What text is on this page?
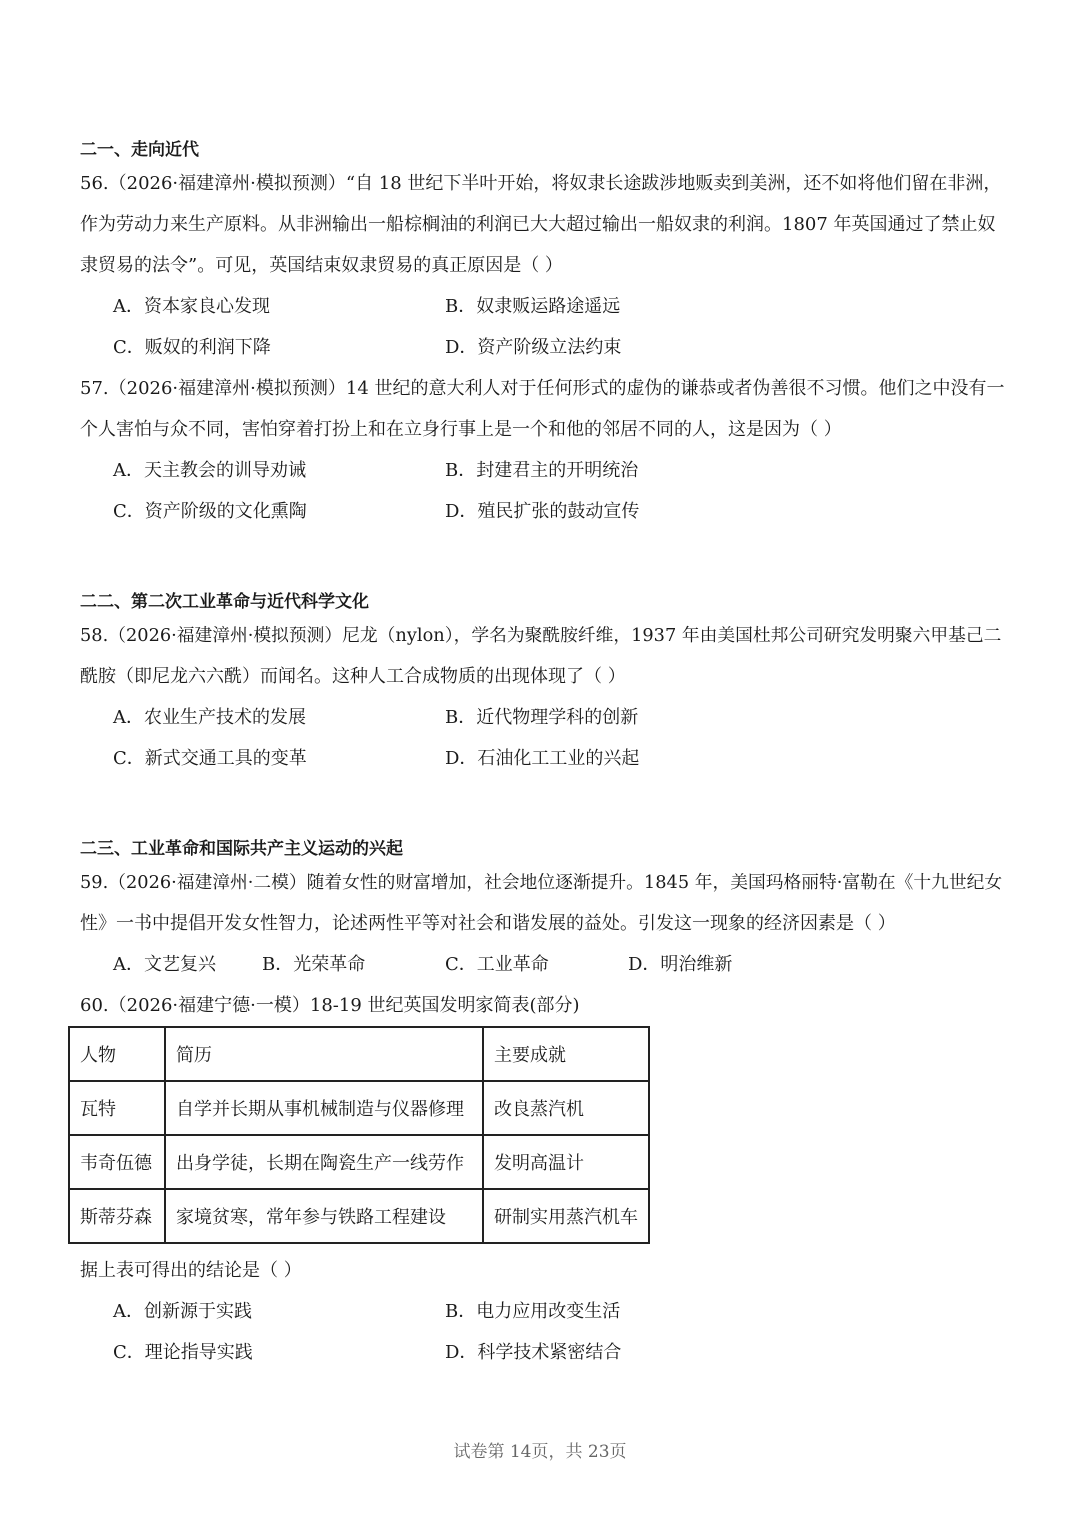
二一、走向近代
56.（2026·福建漳州·模拟预测）“自 18 世纪下半叶开始，将奴隶长途跋涉地贩卖到美洲，还不如将他们留在非洲，
作为劳动力来生产原料。从非洲输出一船棕榈油的利润已大大超过输出一船奴隶的利润。1807 年英国通过了禁止奴
隶贸易的法令”。可见，英国结束奴隶贸易的真正原因是（ ）
A．资本家良心发现	B．奴隶贩运路途遥远
C．贩奴的利润下降	D．资产阶级立法约束
57.（2026·福建漳州·模拟预测）14 世纪的意大利人对于任何形式的虚伪的谦恭或者伪善很不习惯。他们之中没有一
个人害怕与众不同，害怕穿着打扮上和在立身行事上是一个和他的邻居不同的人，这是因为（ ）
A．天主教会的训导劝诫	B．封建君主的开明统治
C．资产阶级的文化熏陶	D．殖民扩张的鼓动宣传
二二、第二次工业革命与近代科学文化
58.（2026·福建漳州·模拟预测）尼龙（nylon），学名为聚酰胺纤维，1937 年由美国杜邦公司研究发明聚六甲基己二
酰胺（即尼龙六六酰）而闻名。这种人工合成物质的出现体现了（ ）
A．农业生产技术的发展	B．近代物理学科的创新
C．新式交通工具的变革	D．石油化工工业的兴起
二三、工业革命和国际共产主义运动的兴起
59.（2026·福建漳州·二模）随着女性的财富增加，社会地位逐渐提升。1845 年，美国玛格丽特·富勒在《十九世纪女
性》一书中提倡开发女性智力，论述两性平等对社会和谐发展的益处。引发这一现象的经济因素是（ ）
A．文艺复兴	B．光荣革命	C．工业革命	D．明治维新
60.（2026·福建宁德·一模）18-19 世纪英国发明家简表(部分)
人物	简历	主要成就
瓦特	自学并长期从事机械制造与仪器修理	改良蒸汽机
韦奇伍德	出身学徒，长期在陶瓷生产一线劳作	发明高温计
斯蒂芬森	家境贫寒，常年参与铁路工程建设	研制实用蒸汽机车
据上表可得出的结论是（ ）
A．创新源于实践	B．电力应用改变生活
C．理论指导实践	D．科学技术紧密结合
试卷第 14页，共 23页
